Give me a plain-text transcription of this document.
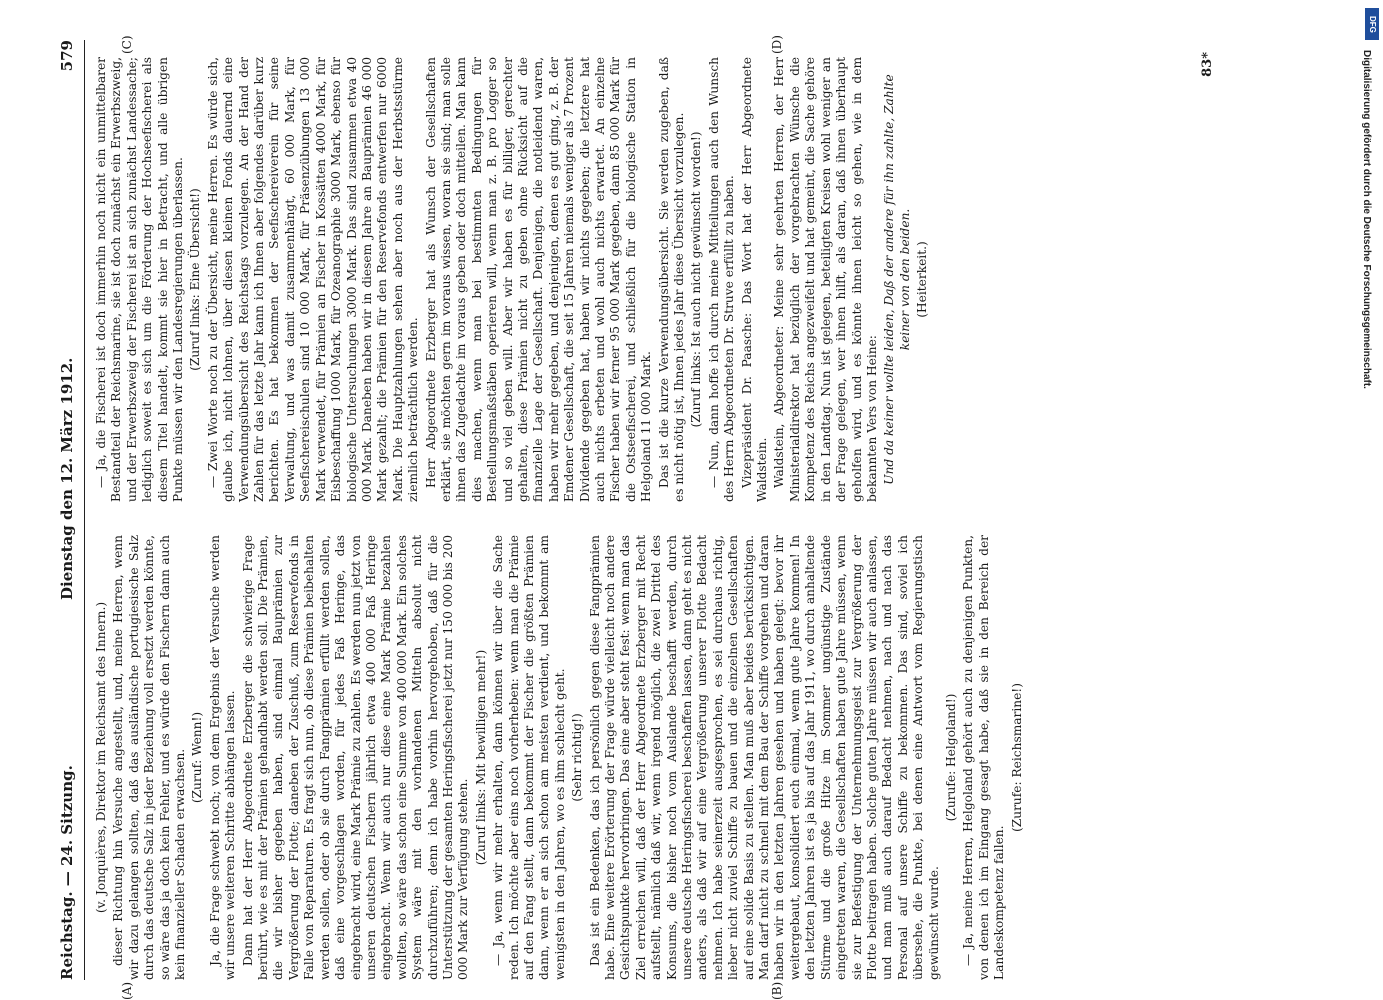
Reichstag. — 24. Sitzung.
Dienstag den 12. März 1912.
579
(A)	(B)
(C)	(D)

(v. Jonquières, Direktor im Reichsamt des Innern.) dieser Richtung hin Versuche angestellt, und, meine Herren, wenn wir dazu gelangen sollten, daß das ausländische portugiesische Salz durch das deutsche Salz in jeder Beziehung voll ersetzt werden könnte, so wäre das ja doch kein Fehler, und es würde den Fischern dann auch kein finanzieller Schaden erwachsen. (Zuruf: Wenn!) Ja, die Frage schwebt noch; von dem Ergebnis der Versuche werden wir unsere weiteren Schritte abhängen lassen. Dann hat der Herr Abgeordnete Erzberger die schwierige Frage berührt, wie es mit der Prämien gehandhabt werden soll. Die Prämien, die wir bisher gegeben haben, sind einmal Bauprämien zur Vergrößerung der Flotte; daneben der Zuschuß, zum Reservefonds in Falle von Reparaturen. Es fragt sich nun, ob diese Prämien beibehalten werden sollen, oder ob sie durch Fangprämien erfüllt werden sollen, daß eine vorgeschlagen worden, für jedes Faß Heringe, das eingebracht wird, eine Mark Prämie zu zahlen. Es werden nun jetzt von unseren deutschen Fischern jährlich etwa 400 000 Faß Heringe eingebracht. Wenn wir auch nur diese eine Mark Prämie bezahlen wollten, so wäre das schon eine Summe von 400 000 Mark. Ein solches System wäre mit den vorhandenen Mitteln absolut nicht durchzuführen; denn ich habe vorhin hervorgehoben, daß für die Unterstützung der gesamten Heringsfischerei jetzt nur 150 000 bis 200 000 Mark zur Verfügung stehen.

(Zuruf links: Mit bewilligen mehr!) — Ja, wenn wir mehr erhalten, dann können wir über die Sache reden. Ich möchte aber eins noch vorherheben: wenn man die Prämie auf den Fang stellt, dann bekommt der Fischer die größten Prämien dann, wenn er an sich schon am meisten verdient, und bekommt am wenigsten in den Jahren, wo es ihm schlecht geht. (Sehr richtig!) Das ist ein Bedenken, das ich persönlich gegen diese Fangprämien habe. Eine weitere Erörterung der Frage würde vielleicht noch andere Gesichtspunkte hervorbringen. Das eine aber steht fest: wenn man das Ziel erreichen will, daß der Herr Abgeordnete Erzberger mit Recht aufstellt, nämlich daß wir, wenn irgend möglich, die zwei Drittel des Konsums, die bisher noch vom Auslande beschafft werden, durch unsere deutsche Heringsfischerei beschaffen lassen, dann geht es nicht anders, als daß wir auf eine Vergrößerung unserer Flotte Bedacht nehmen. Ich habe seinerzeit ausgesprochen, es sei durchaus richtig, lieber nicht zuviel Schiffe zu bauen und die einzelnen Gesellschaften auf eine solide Basis zu stellen. Man muß aber beides berücksichtigen. Man darf nicht zu schnell mit dem Bau der Schiffe vorgehen und daran haben wir in den letzten Jahren gesehen und haben gelegt: bevor ihr weitergebaut, konsolidiert euch einmal, wenn gute Jahre kommen! In den letzten Jahren ist es ja bis auf das Jahr 1911, wo durch anhaltende Stürme und die große Hitze im Sommer ungünstige Zustände eingetreten waren, die Gesellschaften haben gute Jahre müssen, wenn sie zur Befestigung der Unternehmungsgeist zur Vergrößerung der Flotte beitragen haben. Solche guten Jahre müssen wir auch anlassen, und man muß auch darauf Bedacht nehmen, nach und nach das Personal auf unsere Schiffe zu bekommen. Das sind, soviel ich übersehe, die Punkte, bei denen eine Antwort vom Regierungstisch gewünscht wurde.

(Zurufe: Helgoland!) — Ja, meine Herren, Helgoland gehört auch zu denjenigen Punkten, von denen ich im Eingang gesagt habe, daß sie in den Bereich der Landeskompetenz fallen.

(Zurufe: Reichsmarine!)

— Ja, die Fischerei ist doch immerhin noch nicht ein unmittelbarer Bestandteil der Reichsmarine, sie ist doch zunächst ein Erwerbszweig, und der Erwerbszweig der Fischerei ist an sich zunächst Landessache; lediglich soweit es sich um die Förderung der Hochseefischerei als diesem Titel handelt, kommt sie hier in Betracht, und alle übrigen Punkte müssen wir den Landesregierungen überlassen. (Zuruf links: Eine Übersicht!) — Zwei Worte noch zu der Übersicht, meine Herren. Es würde sich, glaube ich, nicht lohnen, über diesen kleinen Fonds dauernd eine Verwendungsübersicht des Reichstags vorzulegen. An der Hand der Zahlen für das letzte Jahr kann ich Ihnen aber folgendes darüber kurz berichten. Es hat bekommen der Seefischereiverein für seine Verwaltung, und was damit zusammenhängt, 60 000 Mark, für Seefischereischulen sind 10 000 Mark, für Präsenzübungen 13 000 Mark verwendet, für Prämien an Fischer in Kossätten 4000 Mark, für Eisbeschaffung 1000 Mark, für Ozeanographie 3000 Mark, ebenso für biologische Untersuchungen 3000 Mark. Das sind zusammen etwa 40 000 Mark. Daneben haben wir in diesem Jahre an Bauprämien 46 000 Mark gezahlt; die Prämien für den Reservefonds entwerfen nur 6000 Mark. Die Hauptzahlungen sehen aber noch aus der Herbstsstürme ziemlich beträchtlich werden. Herr Abgeordnete Erzberger hat als Wunsch der Gesellschaften erklärt, sie möchten gern im voraus wissen, woran sie sind; man solle ihnen das Zugedachte im voraus geben oder doch mitteilen. Man kann dies machen, wenn man bei bestimmten Bedingungen für Bestellungsmaßstäben operieren will, wenn man z. B. pro Logger so und so viel geben will. Aber wir haben es für billiger, gerechter gehalten, diese Prämien nicht zu geben ohne Rücksicht auf die finanzielle Lage der Gesellschaft. Denjenigen, die notleidend waren, haben wir mehr gegeben, und denjenigen, denen es gut ging, z. B. der Emdener Gesellschaft, die seit 15 Jahren niemals weniger als 7 Prozent Dividende gegeben hat, haben wir nichts gegeben; die letztere hat auch nichts erbeten und wohl auch nichts erwartet. An einzelne Fischer haben wir ferner 95 000 Mark gegeben, dann 85 000 Mark für die Ostseefischerei, und schließlich für die biologische Station in Helgoland 11 000 Mark. Das ist die kurze Verwendungsübersicht. Sie werden zugeben, daß es nicht nötig ist, Ihnen jedes Jahr diese Übersicht vorzulegen. (Zuruf links: Ist auch nicht gewünscht worden!) — Nun, dann hoffe ich durch meine Mitteilungen auch den Wunsch des Herrn Abgeordneten Dr. Struve erfüllt zu haben. Vizepräsident Dr. Paasche: Das Wort hat der Herr Abgeordnete Waldstein. Waldstein, Abgeordneter: Meine sehr geehrten Herren, der Herr Ministerialdirektor hat bezüglich der vorgebrachten Wünsche die Kompetenz des Reichs angezweifelt und hat gemeint, die Sache gehöre in den Landtag. Nun ist gelegen, beteiligten Kreisen wohl weniger an der Frage gelegen, wer ihnen hilft, als daran, daß ihnen überhaupt geholfen wird, und es könnte ihnen leicht so gehen, wie in dem bekannten Vers von Heine: Und da keiner wollte leiden, Daß der andere für ihn zahlte, Zahlte keiner von den beiden. (Heiterkeit.)

83*
DFG
Digitalisierung gefördert durch die Deutsche Forschungsgemeinschaft.
